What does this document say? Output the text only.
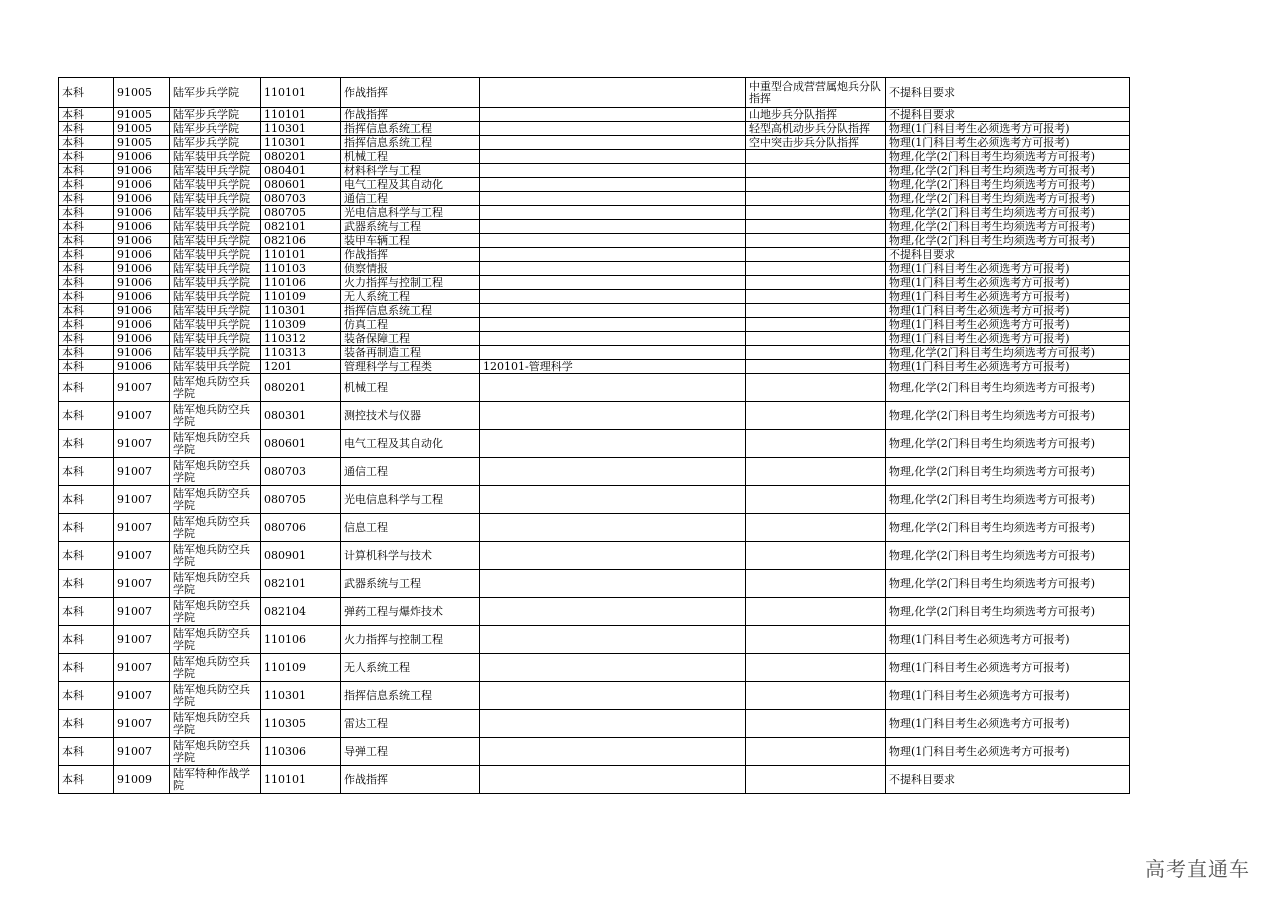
本科	91005	陆军步兵学院	110101	作战指挥		中重型合成营营属炮兵分队指挥	不提科目要求
本科	91005	陆军步兵学院	110101	作战指挥		山地步兵分队指挥	不提科目要求
本科	91005	陆军步兵学院	110301	指挥信息系统工程		轻型高机动步兵分队指挥	物理(1门科目考生必须选考方可报考)
本科	91005	陆军步兵学院	110301	指挥信息系统工程		空中突击步兵分队指挥	物理(1门科目考生必须选考方可报考)
本科	91006	陆军装甲兵学院	080201	机械工程			物理,化学(2门科目考生均须选考方可报考)
本科	91006	陆军装甲兵学院	080401	材料科学与工程			物理,化学(2门科目考生均须选考方可报考)
本科	91006	陆军装甲兵学院	080601	电气工程及其自动化			物理,化学(2门科目考生均须选考方可报考)
本科	91006	陆军装甲兵学院	080703	通信工程			物理,化学(2门科目考生均须选考方可报考)
本科	91006	陆军装甲兵学院	080705	光电信息科学与工程			物理,化学(2门科目考生均须选考方可报考)
本科	91006	陆军装甲兵学院	082101	武器系统与工程			物理,化学(2门科目考生均须选考方可报考)
本科	91006	陆军装甲兵学院	082106	装甲车辆工程			物理,化学(2门科目考生均须选考方可报考)
本科	91006	陆军装甲兵学院	110101	作战指挥			不提科目要求
本科	91006	陆军装甲兵学院	110103	侦察情报			物理(1门科目考生必须选考方可报考)
本科	91006	陆军装甲兵学院	110106	火力指挥与控制工程			物理(1门科目考生必须选考方可报考)
本科	91006	陆军装甲兵学院	110109	无人系统工程			物理(1门科目考生必须选考方可报考)
本科	91006	陆军装甲兵学院	110301	指挥信息系统工程			物理(1门科目考生必须选考方可报考)
本科	91006	陆军装甲兵学院	110309	仿真工程			物理(1门科目考生必须选考方可报考)
本科	91006	陆军装甲兵学院	110312	装备保障工程			物理(1门科目考生必须选考方可报考)
本科	91006	陆军装甲兵学院	110313	装备再制造工程			物理,化学(2门科目考生均须选考方可报考)
本科	91006	陆军装甲兵学院	1201	管理科学与工程类	120101-管理科学		物理(1门科目考生必须选考方可报考)
本科	91007	陆军炮兵防空兵学院	080201	机械工程			物理,化学(2门科目考生均须选考方可报考)
本科	91007	陆军炮兵防空兵学院	080301	测控技术与仪器			物理,化学(2门科目考生均须选考方可报考)
本科	91007	陆军炮兵防空兵学院	080601	电气工程及其自动化			物理,化学(2门科目考生均须选考方可报考)
本科	91007	陆军炮兵防空兵学院	080703	通信工程			物理,化学(2门科目考生均须选考方可报考)
本科	91007	陆军炮兵防空兵学院	080705	光电信息科学与工程			物理,化学(2门科目考生均须选考方可报考)
本科	91007	陆军炮兵防空兵学院	080706	信息工程			物理,化学(2门科目考生均须选考方可报考)
本科	91007	陆军炮兵防空兵学院	080901	计算机科学与技术			物理,化学(2门科目考生均须选考方可报考)
本科	91007	陆军炮兵防空兵学院	082101	武器系统与工程			物理,化学(2门科目考生均须选考方可报考)
本科	91007	陆军炮兵防空兵学院	082104	弹药工程与爆炸技术			物理,化学(2门科目考生均须选考方可报考)
本科	91007	陆军炮兵防空兵学院	110106	火力指挥与控制工程			物理(1门科目考生必须选考方可报考)
本科	91007	陆军炮兵防空兵学院	110109	无人系统工程			物理(1门科目考生必须选考方可报考)
本科	91007	陆军炮兵防空兵学院	110301	指挥信息系统工程			物理(1门科目考生必须选考方可报考)
本科	91007	陆军炮兵防空兵学院	110305	雷达工程			物理(1门科目考生必须选考方可报考)
本科	91007	陆军炮兵防空兵学院	110306	导弹工程			物理(1门科目考生必须选考方可报考)
本科	91009	陆军特种作战学院	110101	作战指挥			不提科目要求
高考直通车
